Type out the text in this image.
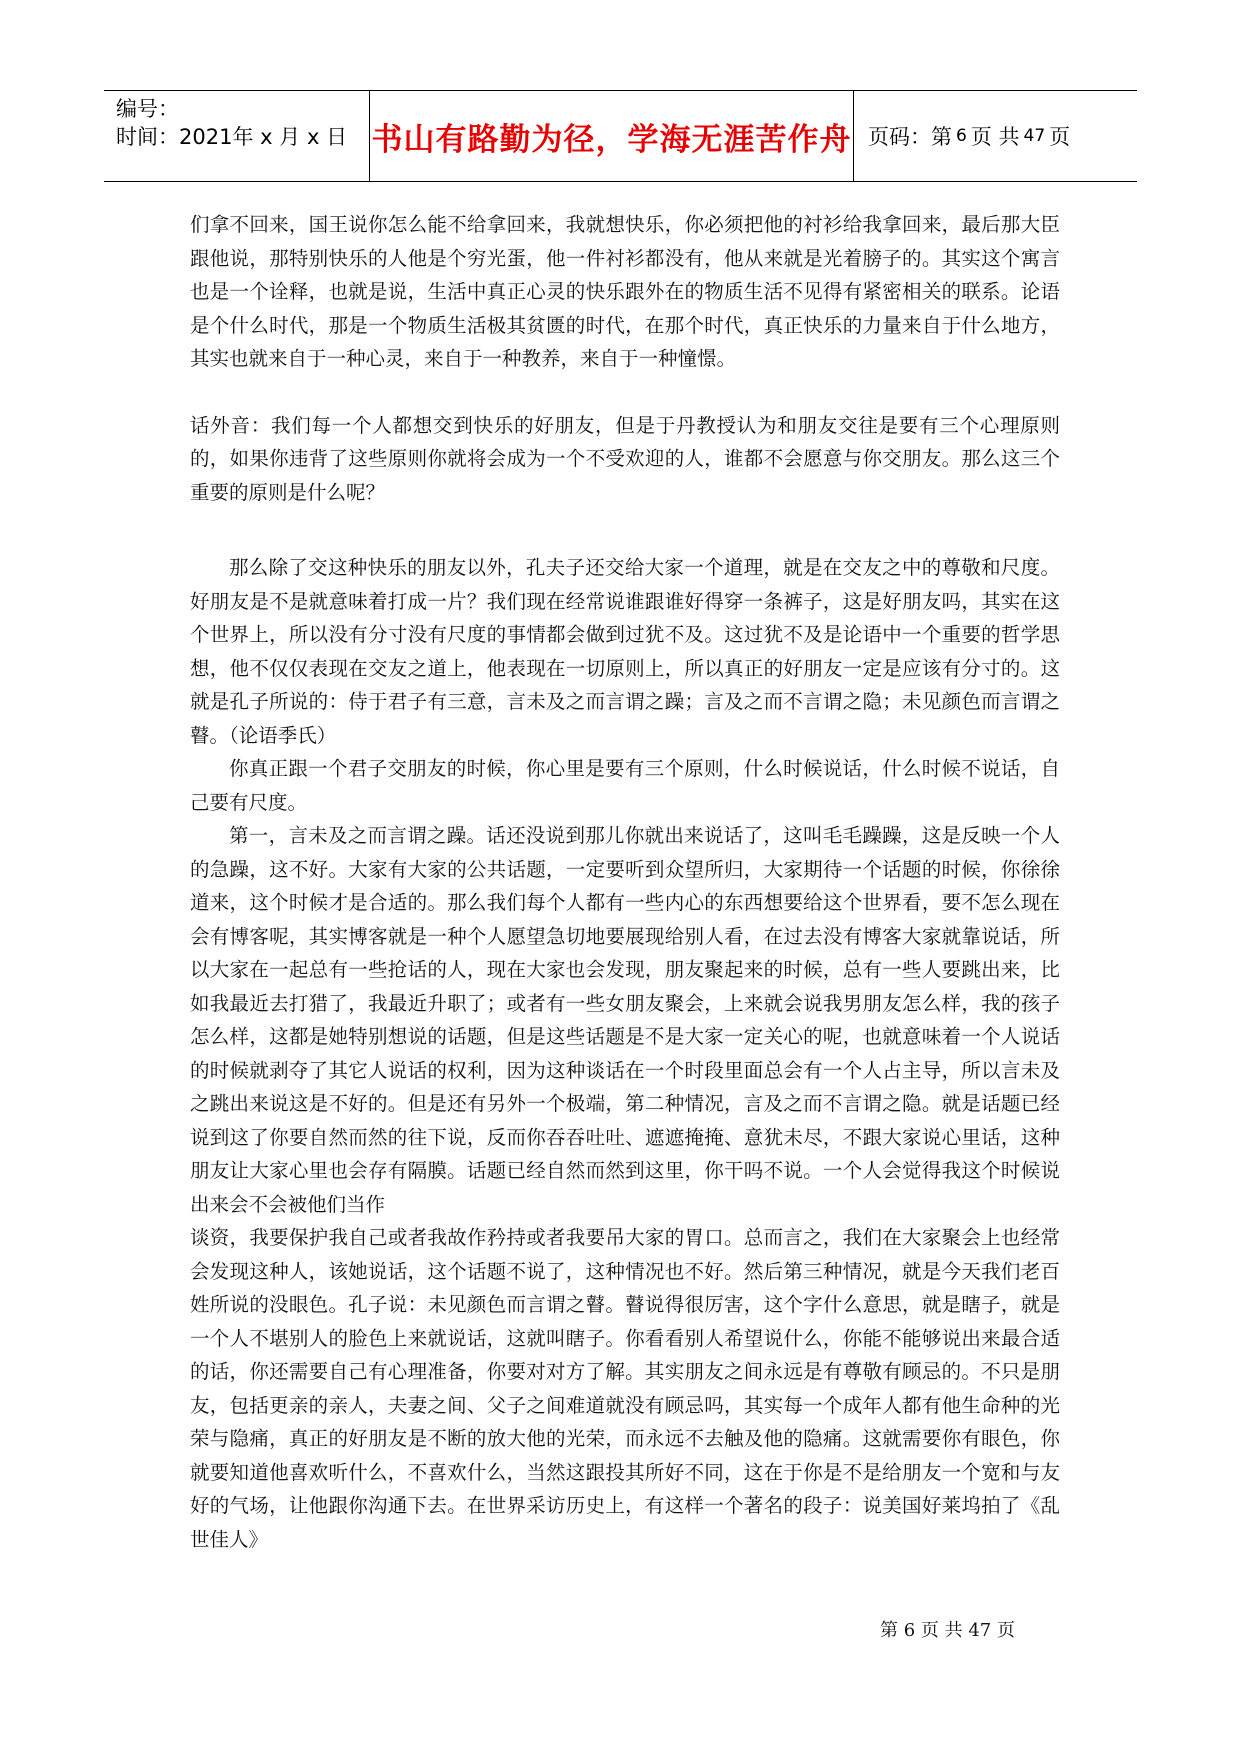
编号：
时间：2021年 x 月 x 日 书山有路勤为径，学海无涯苦作舟 页码：第 6 页 共 47 页

们拿不回来，国王说你怎么能不给拿回来，我就想快乐，你必须把他的衬衫给我拿回来，最后那大臣跟他说，那特别快乐的人他是个穷光蛋，他一件衬衫都没有，他从来就是光着膀子的。其实这个寓言也是一个诠释，也就是说，生活中真正心灵的快乐跟外在的物质生活不见得有紧密相关的联系。论语是个什么时代，那是一个物质生活极其贫匮的时代，在那个时代，真正快乐的力量来自于什么地方，其实也就来自于一种心灵，来自于一种教养，来自于一种憧憬。

话外音：我们每一个人都想交到快乐的好朋友，但是于丹教授认为和朋友交往是要有三个心理原则的，如果你违背了这些原则你就将会成为一个不受欢迎的人，谁都不会愿意与你交朋友。那么这三个重要的原则是什么呢？

那么除了交这种快乐的朋友以外，孔夫子还交给大家一个道理，就是在交友之中的尊敬和尺度。好朋友是不是就意味着打成一片？我们现在经常说谁跟谁好得穿一条裤子，这是好朋友吗，其实在这个世界上，所以没有分寸没有尺度的事情都会做到过犹不及。这过犹不及是论语中一个重要的哲学思想，他不仅仅表现在交友之道上，他表现在一切原则上，所以真正的好朋友一定是应该有分寸的。这就是孔子所说的：侍于君子有三意，言未及之而言谓之躁；言及之而不言谓之隐；未见颜色而言谓之瞽。（论语季氏）

你真正跟一个君子交朋友的时候，你心里是要有三个原则，什么时候说话，什么时候不说话，自己要有尺度。

第一，言未及之而言谓之躁。话还没说到那儿你就出来说话了，这叫毛毛躁躁，这是反映一个人的急躁，这不好。大家有大家的公共话题，一定要听到众望所归，大家期待一个话题的时候，你徐徐道来，这个时候才是合适的。那么我们每个人都有一些内心的东西想要给这个世界看，要不怎么现在会有博客呢，其实博客就是一种个人愿望急切地要展现给别人看，在过去没有博客大家就靠说话，所以大家在一起总有一些抢话的人，现在大家也会发现，朋友聚起来的时候，总有一些人要跳出来，比如我最近去打猎了，我最近升职了；或者有一些女朋友聚会，上来就会说我男朋友怎么样，我的孩子怎么样，这都是她特别想说的话题，但是这些话题是不是大家一定关心的呢，也就意味着一个人说话的时候就剥夺了其它人说话的权利，因为这种谈话在一个时段里面总会有一个人占主导，所以言未及之跳出来说这是不好的。但是还有另外一个极端，第二种情况，言及之而不言谓之隐。就是话题已经说到这了你要自然而然的往下说，反而你吞吞吐吐、遮遮掩掩、意犹未尽，不跟大家说心里话，这种朋友让大家心里也会存有隔膜。话题已经自然而然到这里，你干吗不说。一个人会觉得我这个时候说出来会不会被他们当作

谈资，我要保护我自己或者我故作矜持或者我要吊大家的胃口。总而言之，我们在大家聚会上也经常会发现这种人，该她说话，这个话题不说了，这种情况也不好。然后第三种情况，就是今天我们老百姓所说的没眼色。孔子说：未见颜色而言谓之瞽。瞽说得很厉害，这个字什么意思，就是瞎子，就是一个人不堪别人的脸色上来就说话，这就叫瞎子。你看看别人希望说什么，你能不能够说出来最合适的话，你还需要自己有心理准备，你要对对方了解。其实朋友之间永远是有尊敬有顾忌的。不只是朋友，包括更亲的亲人，夫妻之间、父子之间难道就没有顾忌吗，其实每一个成年人都有他生命种的光荣与隐痛，真正的好朋友是不断的放大他的光荣，而永远不去触及他的隐痛。这就需要你有眼色，你就要知道他喜欢听什么，不喜欢什么，当然这跟投其所好不同，这在于你是不是给朋友一个宽和与友好的气场，让他跟你沟通下去。在世界采访历史上，有这样一个著名的段子：说美国好莱坞拍了《乱世佳人》

第 6 页 共 47 页
